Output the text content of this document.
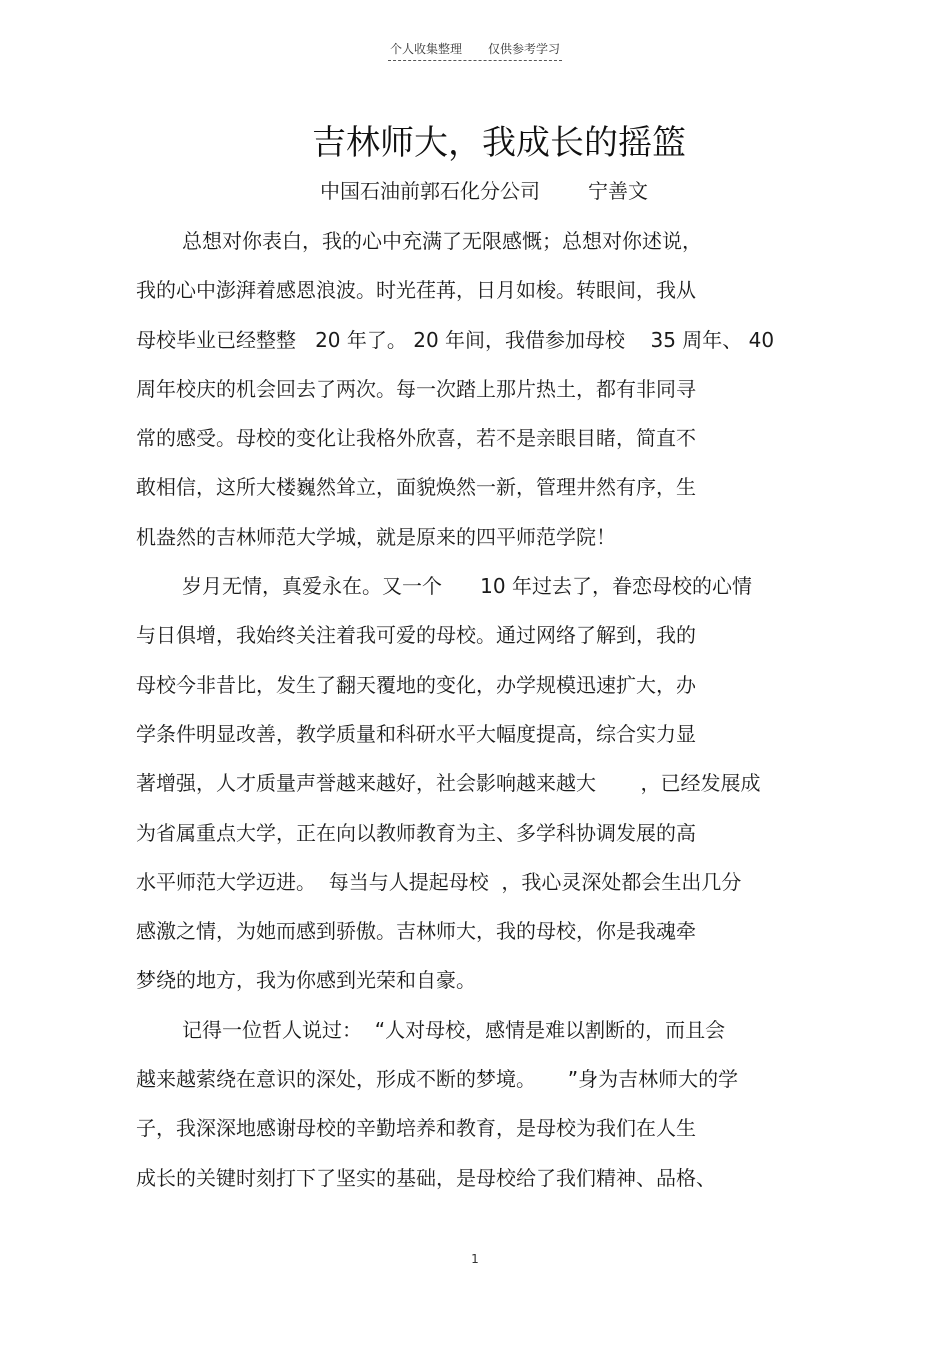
个人收集整理 仅供参考学习
吉林师大，我成长的摇篮
中国石油前郭石化分公司 宁善文
总想对你表白，我的心中充满了无限感慨；总想对你述说，
我的心中澎湃着感恩浪波。时光荏苒，日月如梭。转眼间，我从
母校毕业已经整整   20 年了。 20 年间，我借参加母校    35 周年、 40
周年校庆的机会回去了两次。每一次踏上那片热土，都有非同寻
常的感受。母校的变化让我格外欣喜，若不是亲眼目睹，简直不
敢相信，这所大楼巍然耸立，面貌焕然一新，管理井然有序，生
机盎然的吉林师范大学城，就是原来的四平师范学院！
岁月无情，真爱永在。又一个      10 年过去了，眷恋母校的心情
与日俱增，我始终关注着我可爱的母校。通过网络了解到，我的
母校今非昔比，发生了翻天覆地的变化，办学规模迅速扩大，办
学条件明显改善，教学质量和科研水平大幅度提高，综合实力显
著增强，人才质量声誉越来越好，社会影响越来越大       ，已经发展成
为省属重点大学，正在向以教师教育为主、多学科协调发展的高
水平师范大学迈进。  每当与人提起母校  ，我心灵深处都会生出几分
感激之情，为她而感到骄傲。吉林师大，我的母校，你是我魂牵
梦绕的地方，我为你感到光荣和自豪。
记得一位哲人说过：  “人对母校，感情是难以割断的，而且会
越来越萦绕在意识的深处，形成不断的梦境。     ”身为吉林师大的学
子，我深深地感谢母校的辛勤培养和教育，是母校为我们在人生
成长的关键时刻打下了坚实的基础，是母校给了我们精神、品格、
1
